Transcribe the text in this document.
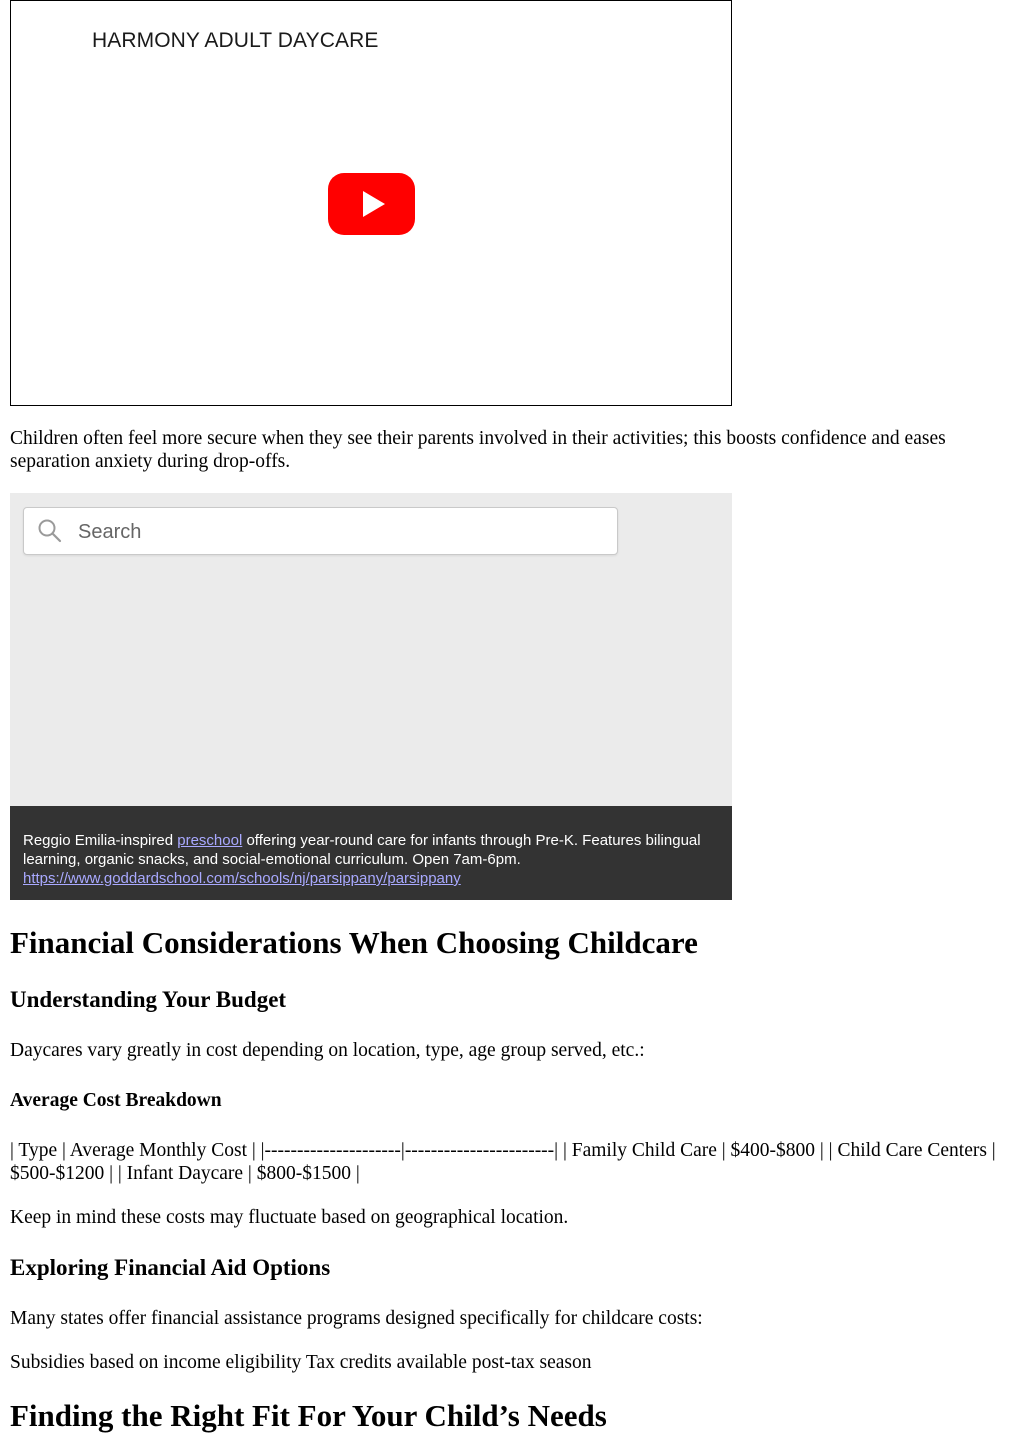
HARMONY ADULT DAYCARE

Children often feel more secure when they see their parents involved in their activities; this boosts confidence and eases separation anxiety during drop-offs.

Search
Reggio Emilia-inspired preschool offering year-round care for infants through Pre-K. Features bilingual learning, organic snacks, and social-emotional curriculum. Open 7am-6pm.
https://www.goddardschool.com/schools/nj/parsippany/parsippany
Financial Considerations When Choosing Childcare
Understanding Your Budget

Daycares vary greatly in cost depending on location, type, age group served, etc.:

Average Cost Breakdown

| Type | Average Monthly Cost | |---------------------|-----------------------| | Family Child Care | $400-$800 | | Child Care Centers | $500-$1200 | | Infant Daycare | $800-$1500 |

Keep in mind these costs may fluctuate based on geographical location.

Exploring Financial Aid Options

Many states offer financial assistance programs designed specifically for childcare costs:

Subsidies based on income eligibility Tax credits available post-tax season

Finding the Right Fit For Your Child’s Needs
